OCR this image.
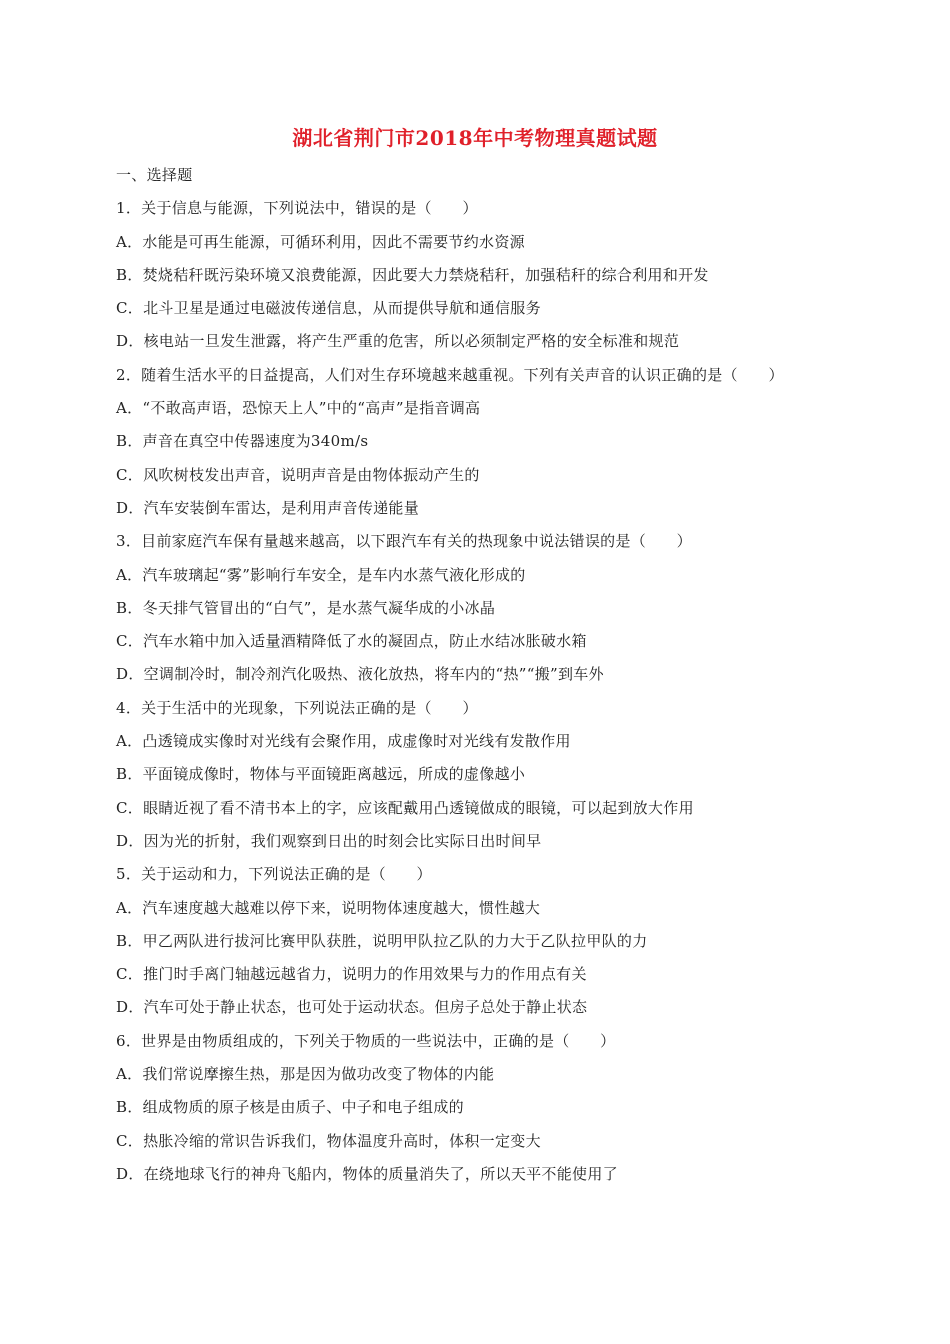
湖北省荆门市2018年中考物理真题试题
一、选择题
1．关于信息与能源，下列说法中，错误的是（　　）
A．水能是可再生能源，可循环利用，因此不需要节约水资源
B．焚烧秸秆既污染环境又浪费能源，因此要大力禁烧秸秆，加强秸秆的综合利用和开发
C．北斗卫星是通过电磁波传递信息，从而提供导航和通信服务
D．核电站一旦发生泄露，将产生严重的危害，所以必须制定严格的安全标准和规范
2．随着生活水平的日益提高，人们对生存环境越来越重视。下列有关声音的认识正确的是（　　）
A．“不敢高声语，恐惊天上人”中的“高声”是指音调高
B．声音在真空中传器速度为340m/s
C．风吹树枝发出声音，说明声音是由物体振动产生的
D．汽车安装倒车雷达，是利用声音传递能量
3．目前家庭汽车保有量越来越高，以下跟汽车有关的热现象中说法错误的是（　　）
A．汽车玻璃起“雾”影响行车安全，是车内水蒸气液化形成的
B．冬天排气管冒出的“白气”，是水蒸气凝华成的小冰晶
C．汽车水箱中加入适量酒精降低了水的凝固点，防止水结冰胀破水箱
D．空调制冷时，制冷剂汽化吸热、液化放热，将车内的“热”“搬”到车外
4．关于生活中的光现象，下列说法正确的是（　　）
A．凸透镜成实像时对光线有会聚作用，成虚像时对光线有发散作用
B．平面镜成像时，物体与平面镜距离越远，所成的虚像越小
C．眼睛近视了看不清书本上的字，应该配戴用凸透镜做成的眼镜，可以起到放大作用
D．因为光的折射，我们观察到日出的时刻会比实际日出时间早
5．关于运动和力，下列说法正确的是（　　）
A．汽车速度越大越难以停下来，说明物体速度越大，惯性越大
B．甲乙两队进行拔河比赛甲队获胜，说明甲队拉乙队的力大于乙队拉甲队的力
C．推门时手离门轴越远越省力，说明力的作用效果与力的作用点有关
D．汽车可处于静止状态，也可处于运动状态。但房子总处于静止状态
6．世界是由物质组成的，下列关于物质的一些说法中，正确的是（　　）
A．我们常说摩擦生热，那是因为做功改变了物体的内能
B．组成物质的原子核是由质子、中子和电子组成的
C．热胀冷缩的常识告诉我们，物体温度升高时，体积一定变大
D．在绕地球飞行的神舟飞船内，物体的质量消失了，所以天平不能使用了
